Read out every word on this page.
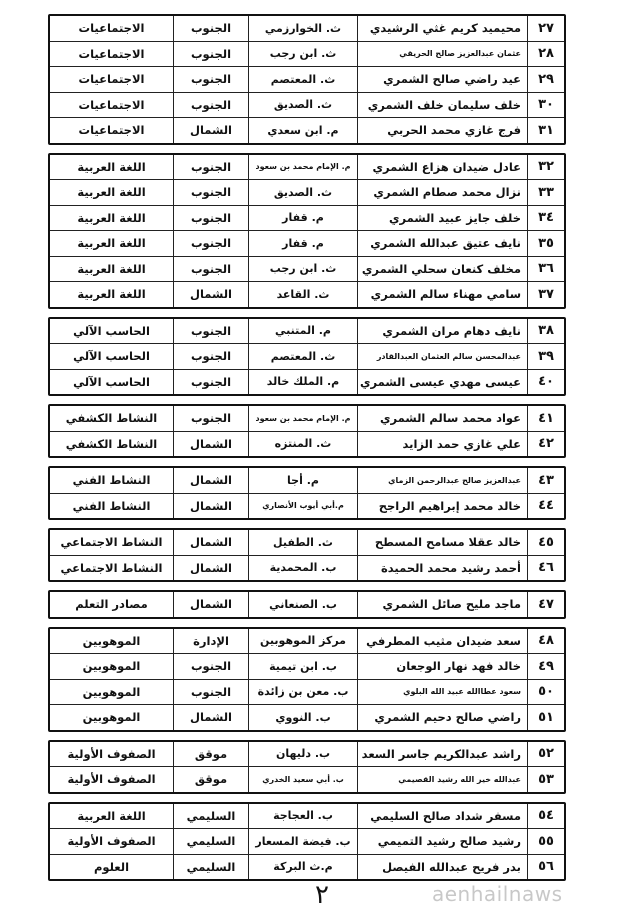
٢٧
محيميد كريم غثي الرشيدي
ث. الخوارزمي
الجنوب
الاجتماعيات
٢٨
عثمان عبدالعزيز صالح الحريقي
ث. ابن رجب
الجنوب
الاجتماعيات
٢٩
عيد راضي صالح الشمري
ث. المعتصم
الجنوب
الاجتماعيات
٣٠
خلف سليمان خلف الشمري
ث. الصديق
الجنوب
الاجتماعيات
٣١
فرج غازي محمد الحربي
م. ابن سعدي
الشمال
الاجتماعيات
٣٢
عادل ضيدان هزاع الشمري
م. الإمام محمد بن سعود
الجنوب
اللغة العربية
٣٣
نزال محمد صطام الشمري
ث. الصديق
الجنوب
اللغة العربية
٣٤
خلف جايز عبيد الشمري
م. قفار
الجنوب
اللغة العربية
٣٥
نايف عتيق عبدالله الشمري
م. قفار
الجنوب
اللغة العربية
٣٦
مخلف كنعان سحلي الشمري
ث. ابن رجب
الجنوب
اللغة العربية
٣٧
سامي مهناء سالم الشمري
ث. القاعد
الشمال
اللغة العربية
٣٨
نايف دهام مران الشمري
م. المتنبي
الجنوب
الحاسب الآلي
٣٩
عبدالمحسن سالم العثمان العبدالقادر
ث. المعتصم
الجنوب
الحاسب الآلي
٤٠
عيسى مهدي عيسى الشمري
م. الملك خالد
الجنوب
الحاسب الآلي
٤١
عواد محمد سالم الشمري
م. الإمام محمد بن سعود
الجنوب
النشاط الكشفي
٤٢
علي غازي حمد الزايد
ث. المنتزه
الشمال
النشاط الكشفي
٤٣
عبدالعزيز صالح عبدالرحمن الزماي
م. أجا
الشمال
النشاط الفني
٤٤
خالد محمد إبراهيم الراجح
م.أبي أيوب الأنصاري
الشمال
النشاط الفني
٤٥
خالد عقلا مسامح المسطح
ث. الطفيل
الشمال
النشاط الاجتماعي
٤٦
أحمد رشيد محمد الحميدة
ب. المحمدية
الشمال
النشاط الاجتماعي
٤٧
ماجد مليح صائل الشمري
ب. الصنعاني
الشمال
مصادر التعلم
٤٨
سعد ضيدان مثيب المطرفي
مركز الموهوبين
الإدارة
الموهوبين
٤٩
خالد فهد نهار الوجعان
ب. ابن تيمية
الجنوب
الموهوبين
٥٠
سعود عطاالله عبيد الله البلوي
ب. معن بن زائدة
الجنوب
الموهوبين
٥١
راضي صالح دحيم الشمري
ب. النووي
الشمال
الموهوبين
٥٢
راشد عبدالكريم جاسر السعد
ب. دليهان
موقق
الصفوف الأولية
٥٣
عبدالله خير الله رشيد القصيمي
ب. أبي سعيد الخدري
موقق
الصفوف الأولية
٥٤
مسفر شداد صالح السليمي
ب. العجاجة
السليمي
اللغة العربية
٥٥
رشيد صالح رشيد التميمي
ب. فيضة المسعار
السليمي
الصفوف الأولية
٥٦
بدر فريح عبدالله الفيصل
م.ث البركة
السليمي
العلوم
٢	aenhailnaws
